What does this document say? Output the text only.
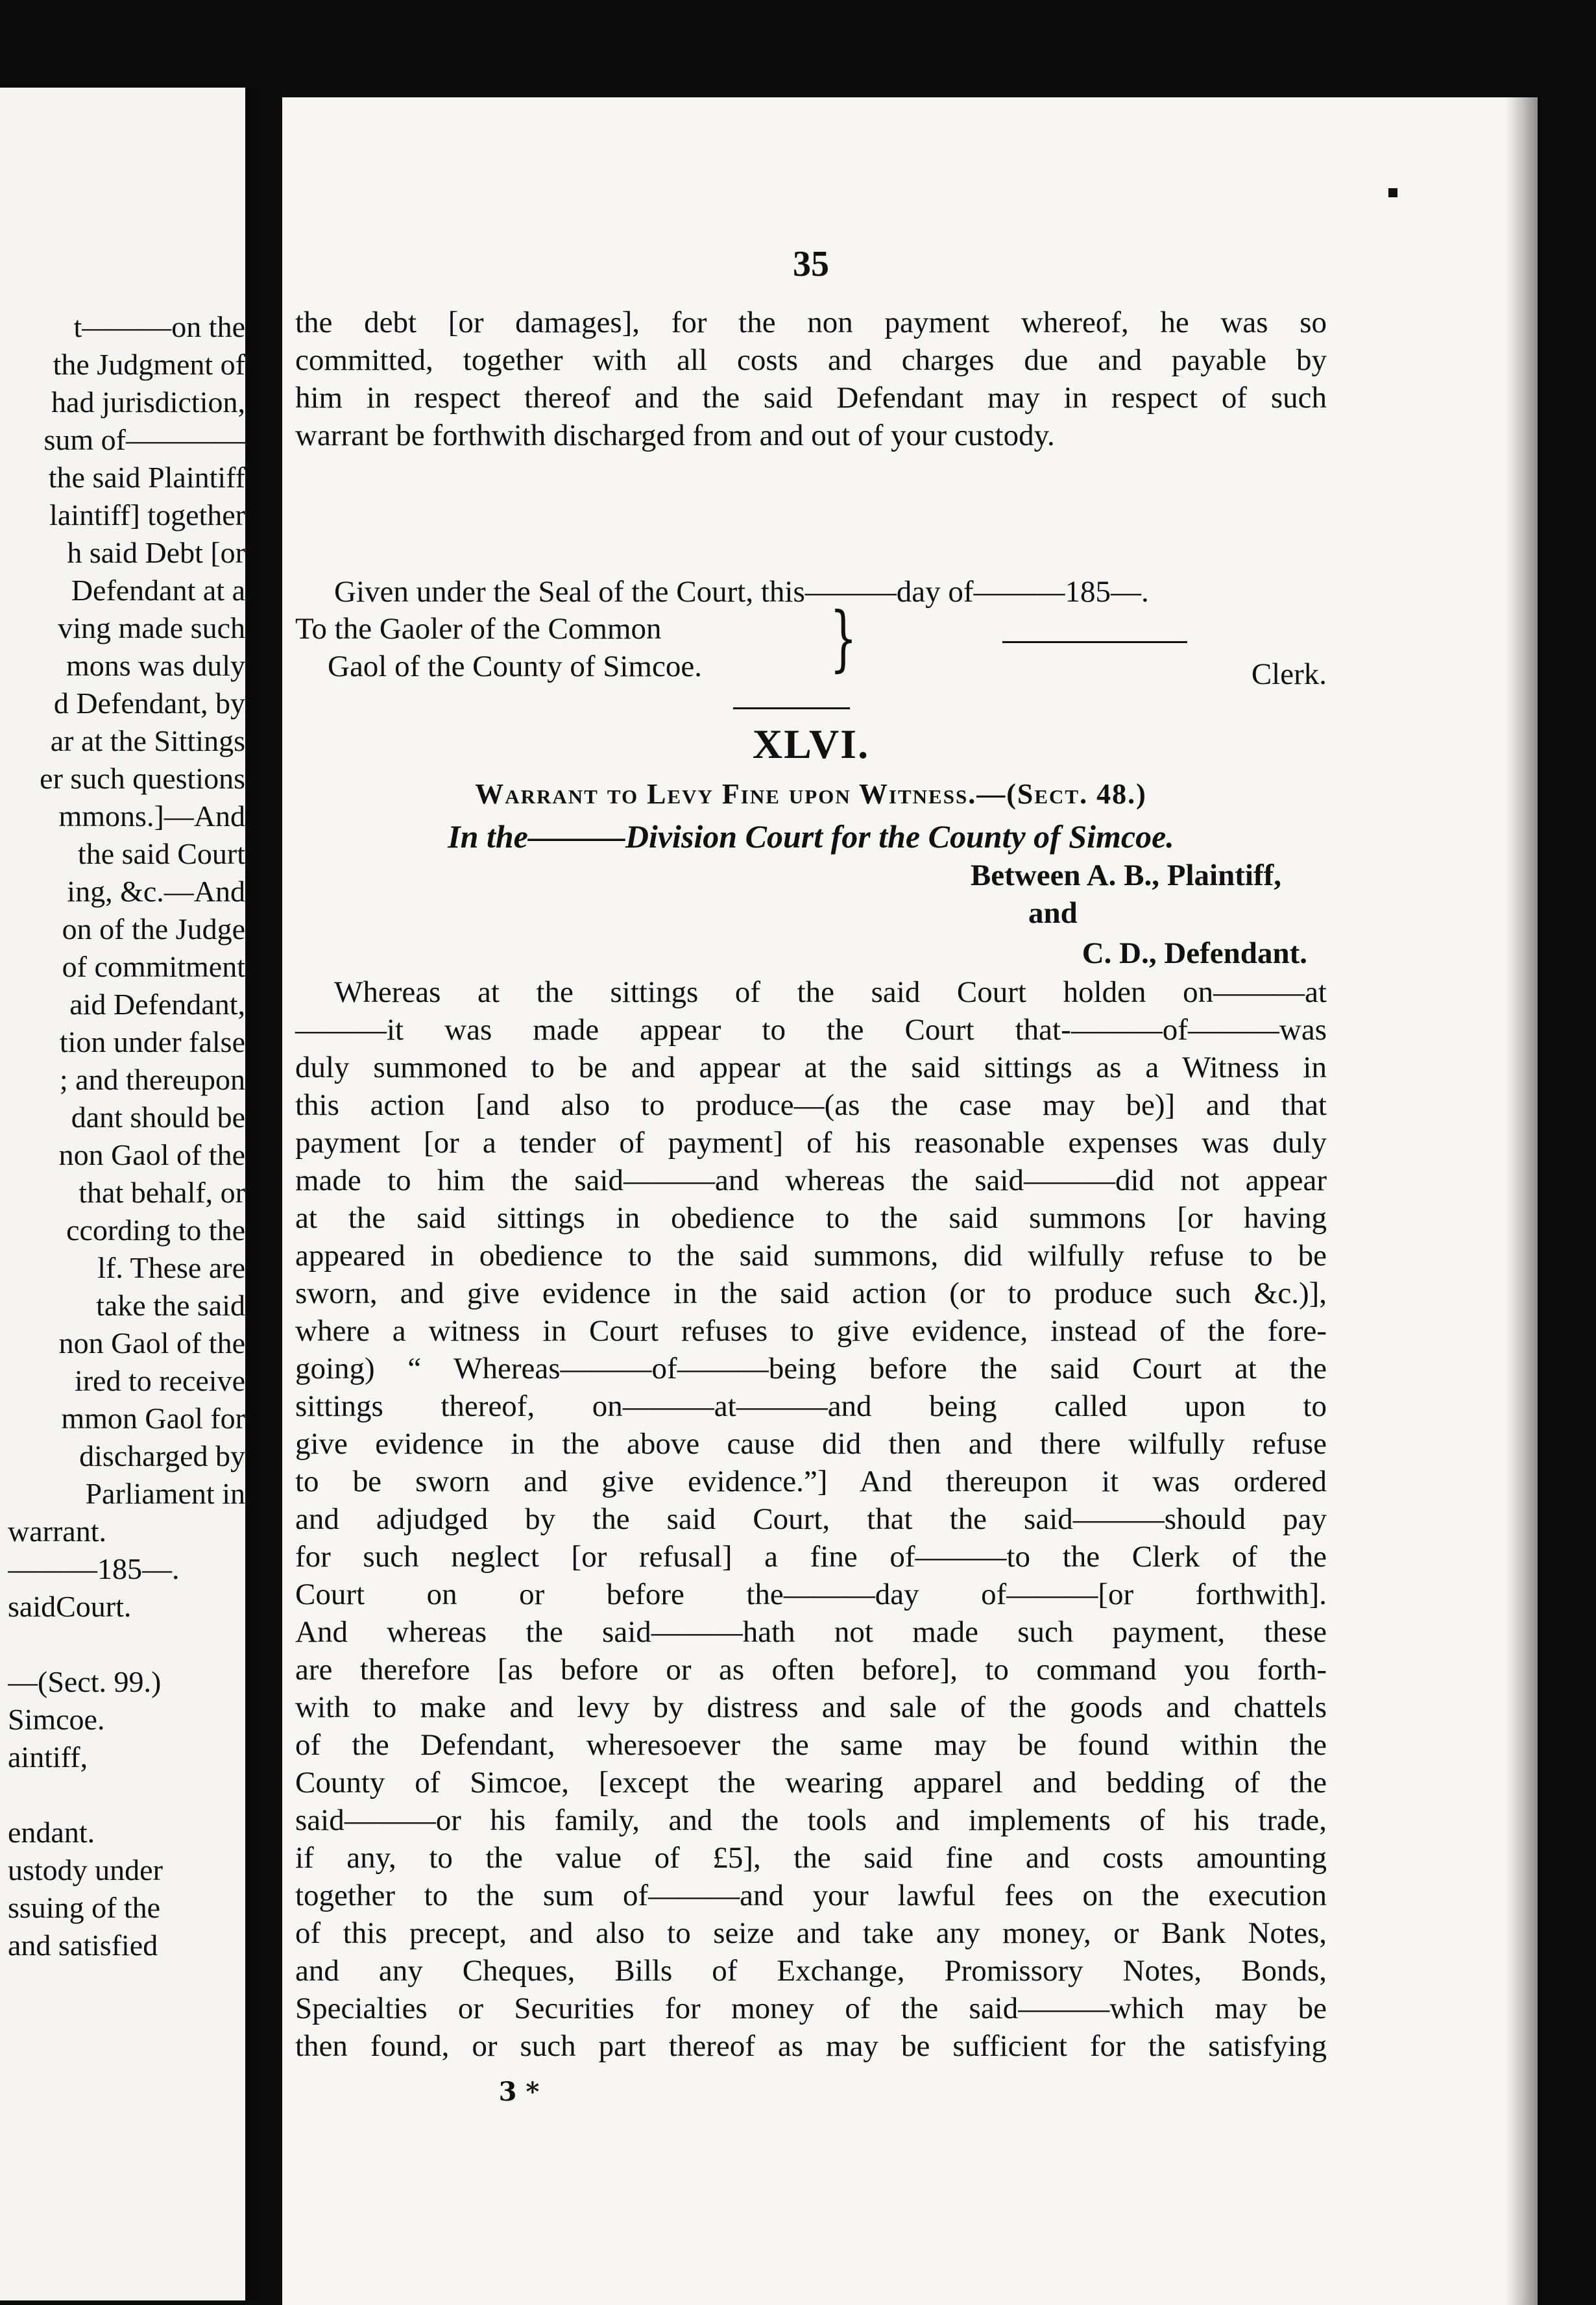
t———on the
the Judgment of
had jurisdiction,
sum of————
the said Plaintiff
laintiff] together
h said Debt [or
Defendant at a
ving made such
mons was duly
d Defendant, by
ar at the Sittings
er such questions
mmons.]—And
the said Court
ing, &c.—And
on of the Judge
of commitment
aid Defendant,
tion under false
; and thereupon
dant should be
non Gaol of the
that behalf, or
ccording to the
lf. These are
take the said
non Gaol of the
ired to receive
mmon Gaol for
discharged by
Parliament in
warrant.
———185—.
saidCourt.
—(Sect. 99.)
Simcoe.
aintiff,
endant.
ustody under
ssuing of the
and satisfied
35
the debt [or damages], for the non payment whereof, he was so
committed, together with all costs and charges due and payable by
him in respect thereof and the said Defendant may in respect of such
warrant be forthwith discharged from and out of your custody.
Given under the Seal of the Court, this———day of———185—.
To the Gaoler of the Common
Gaol of the County of Simcoe.	}	Clerk.
XLVI.
Warrant to Levy Fine upon Witness.—(Sect. 48.)
In the———Division Court for the County of Simcoe.
Between A. B., Plaintiff,
and
C. D., Defendant.
Whereas at the sittings of the said Court holden on———at
———it was made appear to the Court that-———of———was
duly summoned to be and appear at the said sittings as a Witness in
this action [and also to produce—(as the case may be)] and that
payment [or a tender of payment] of his reasonable expenses was duly
made to him the said———and whereas the said———did not appear
at the said sittings in obedience to the said summons [or having
appeared in obedience to the said summons, did wilfully refuse to be
sworn, and give evidence in the said action (or to produce such &c.)],
where a witness in Court refuses to give evidence, instead of the fore-
going) “ Whereas———of———being before the said Court at the
sittings thereof, on———at———and being called upon to
give evidence in the above cause did then and there wilfully refuse
to be sworn and give evidence.”] And thereupon it was ordered
and adjudged by the said Court, that the said———should pay
for such neglect [or refusal] a fine of———to the Clerk of the
Court on or before the———day of———[or forthwith].
And whereas the said———hath not made such payment, these
are therefore [as before or as often before], to command you forth-
with to make and levy by distress and sale of the goods and chattels
of the Defendant, wheresoever the same may be found within the
County of Simcoe, [except the wearing apparel and bedding of the
said———or his family, and the tools and implements of his trade,
if any, to the value of £5], the said fine and costs amounting
together to the sum of———and your lawful fees on the execution
of this precept, and also to seize and take any money, or Bank Notes,
and any Cheques, Bills of Exchange, Promissory Notes, Bonds,
Specialties or Securities for money of the said———which may be
then found, or such part thereof as may be sufficient for the satisfying
3 *
